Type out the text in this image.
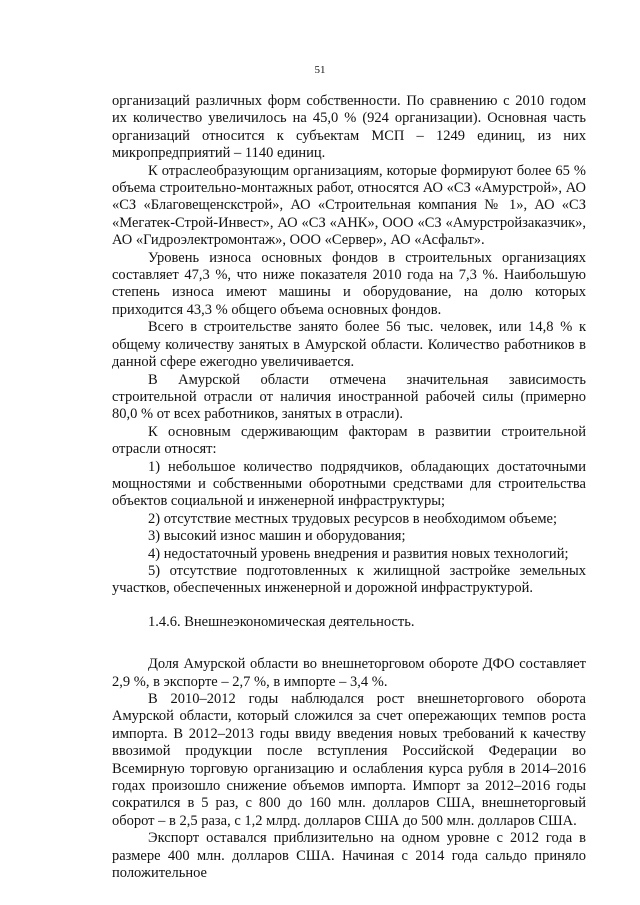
51

организаций различных форм собственности. По сравнению с 2010 годом их количество увеличилось на 45,0 % (924 организации). Основная часть организаций относится к субъектам МСП – 1249 единиц, из них микропредприятий – 1140 единиц.

К отраслеобразующим организациям, которые формируют более 65 % объема строительно-монтажных работ, относятся АО «СЗ «Амурстрой», АО «СЗ «Благовещенскстрой», АО «Строительная компания № 1», АО «СЗ «Мегатек-Строй-Инвест», АО «СЗ «АНК», ООО «СЗ «Амурстройзаказчик», АО «Гидроэлектромонтаж», ООО «Сервер», АО «Асфальт».

Уровень износа основных фондов в строительных организациях составляет 47,3 %, что ниже показателя 2010 года на 7,3 %. Наибольшую степень износа имеют машины и оборудование, на долю которых приходится 43,3 % общего объема основных фондов.

Всего в строительстве занято более 56 тыс. человек, или 14,8 % к общему количеству занятых в Амурской области. Количество работников в данной сфере ежегодно увеличивается.

В Амурской области отмечена значительная зависимость строительной отрасли от наличия иностранной рабочей силы (примерно 80,0 % от всех работников, занятых в отрасли).

К основным сдерживающим факторам в развитии строительной отрасли относят:

1) небольшое количество подрядчиков, обладающих достаточными мощностями и собственными оборотными средствами для строительства объектов социальной и инженерной инфраструктуры;

2) отсутствие местных трудовых ресурсов в необходимом объеме;

3) высокий износ машин и оборудования;

4) недостаточный уровень внедрения и развития новых технологий;

5) отсутствие подготовленных к жилищной застройке земельных участков, обеспеченных инженерной и дорожной инфраструктурой.

1.4.6. Внешнеэкономическая деятельность.

Доля Амурской области во внешнеторговом обороте ДФО составляет 2,9 %, в экспорте – 2,7 %, в импорте – 3,4 %.

В 2010–2012 годы наблюдался рост внешнеторгового оборота Амурской области, который сложился за счет опережающих темпов роста импорта. В 2012–2013 годы ввиду введения новых требований к качеству ввозимой продукции после вступления Российской Федерации во Всемирную торговую организацию и ослабления курса рубля в 2014–2016 годах произошло снижение объемов импорта. Импорт за 2012–2016 годы сократился в 5 раз, с 800 до 160 млн. долларов США, внешнеторговый оборот – в 2,5 раза, с 1,2 млрд. долларов США до 500 млн. долларов США.

Экспорт оставался приблизительно на одном уровне с 2012 года в размере 400 млн. долларов США. Начиная с 2014 года сальдо приняло положительное
